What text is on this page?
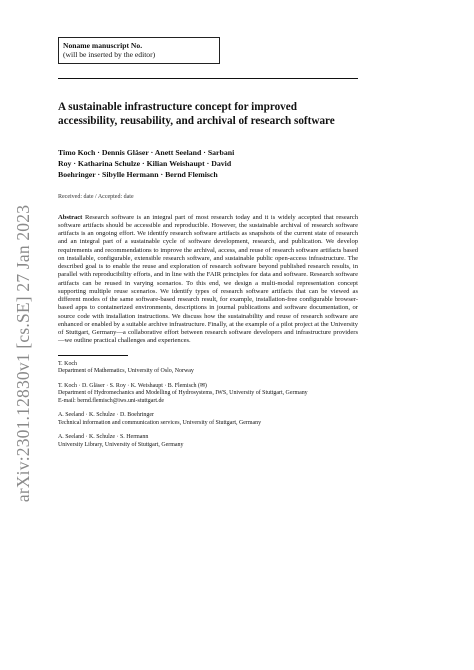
arXiv:2301.12830v1 [cs.SE] 27 Jan 2023
Noname manuscript No.
(will be inserted by the editor)
A sustainable infrastructure concept for improved accessibility, reusability, and archival of research software
Timo Koch · Dennis Gläser · Anett Seeland · Sarbani Roy · Katharina Schulze · Kilian Weishaupt · David Boehringer · Sibylle Hermann · Bernd Flemisch
Received: date / Accepted: date
Abstract Research software is an integral part of most research today and it is widely accepted that research software artifacts should be accessible and reproducible. However, the sustainable archival of research software artifacts is an ongoing effort. We identify research software artifacts as snapshots of the current state of research and an integral part of a sustainable cycle of software development, research, and publication. We develop requirements and recommendations to improve the archival, access, and reuse of research software artifacts based on installable, configurable, extensible research software, and sustainable public open-access infrastructure. The described goal is to enable the reuse and exploration of research software beyond published research results, in parallel with reproducibility efforts, and in line with the FAIR principles for data and software. Research software artifacts can be reused in varying scenarios. To this end, we design a multi-modal representation concept supporting multiple reuse scenarios. We identify types of research software artifacts that can be viewed as different modes of the same software-based research result, for example, installation-free configurable browser-based apps to containerized environments, descriptions in journal publications and software documentation, or source code with installation instructions. We discuss how the sustainability and reuse of research software are enhanced or enabled by a suitable archive infrastructure. Finally, at the example of a pilot project at the University of Stuttgart, Germany—a collaborative effort between research software developers and infrastructure providers—we outline practical challenges and experiences.
T. Koch
Department of Mathematics, University of Oslo, Norway
T. Koch · D. Gläser · S. Roy · K. Weishaupt · B. Flemisch (✉)
Department of Hydromechanics and Modelling of Hydrosystems, IWS, University of Stuttgart, Germany
E-mail: bernd.flemisch@iws.uni-stuttgart.de
A. Seeland · K. Schulze · D. Boehringer
Technical information and communication services, University of Stuttgart, Germany
A. Seeland · K. Schulze · S. Hermann
University Library, University of Stuttgart, Germany
